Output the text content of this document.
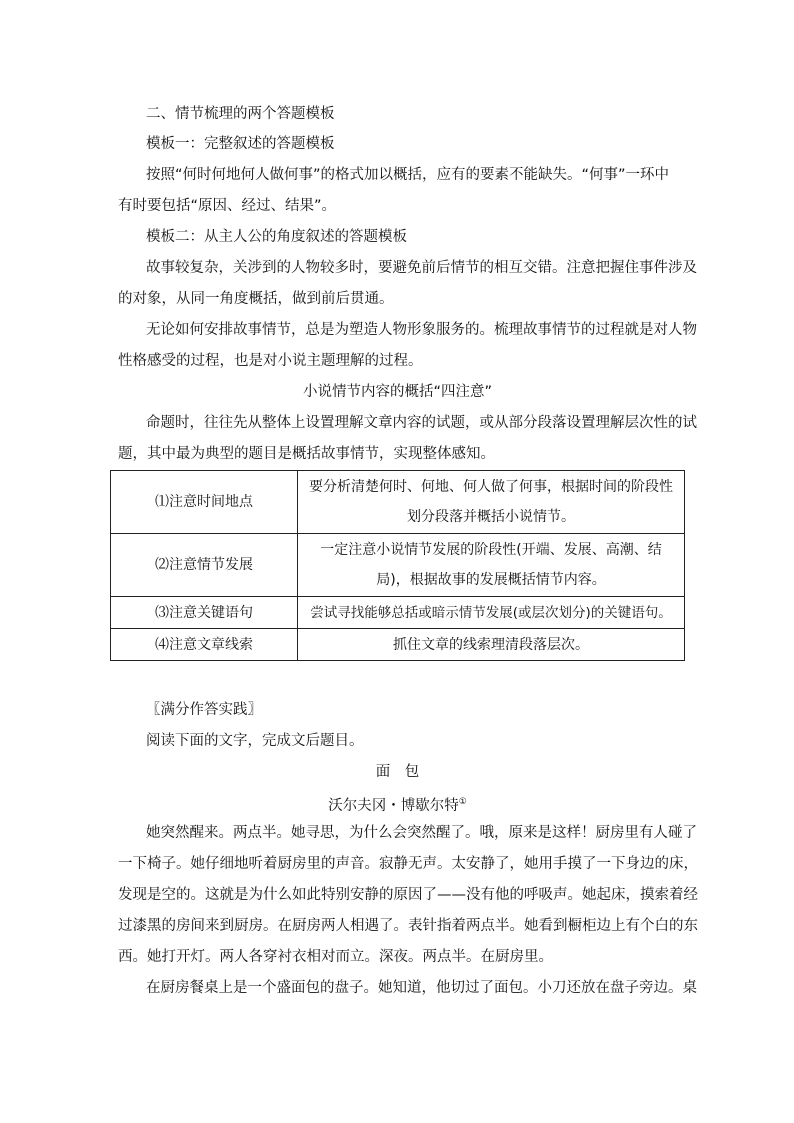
二、情节梳理的两个答题模板
模板一：完整叙述的答题模板
按照“何时何地何人做何事”的格式加以概括，应有的要素不能缺失。“何事”一环中
有时要包括“原因、经过、结果”。
模板二：从主人公的角度叙述的答题模板
故事较复杂，关涉到的人物较多时，要避免前后情节的相互交错。注意把握住事件涉及
的对象，从同一角度概括，做到前后贯通。
无论如何安排故事情节，总是为塑造人物形象服务的。梳理故事情节的过程就是对人物
性格感受的过程，也是对小说主题理解的过程。
小说情节内容的概括“四注意”
命题时，往往先从整体上设置理解文章内容的试题，或从部分段落设置理解层次性的试
题，其中最为典型的题目是概括故事情节，实现整体感知。
⑴注意时间地点	要分析清楚何时、何地、何人做了何事，根据时间的阶段性
划分段落并概括小说情节。

⑵注意情节发展	一定注意小说情节发展的阶段性(开端、发展、高潮、结
局)，根据故事的发展概括情节内容。

⑶注意关键语句	尝试寻找能够总括或暗示情节发展(或层次划分)的关键语句。
⑷注意文章线索	抓住文章的线索理清段落层次。
〖满分作答实践〗
阅读下面的文字，完成文后题目。
面　包
沃尔夫冈・博歇尔特①
她突然醒来。两点半。她寻思，为什么会突然醒了。哦，原来是这样！厨房里有人碰了
一下椅子。她仔细地听着厨房里的声音。寂静无声。太安静了，她用手摸了一下身边的床，
发现是空的。这就是为什么如此特别安静的原因了——没有他的呼吸声。她起床，摸索着经
过漆黑的房间来到厨房。在厨房两人相遇了。表针指着两点半。她看到橱柜边上有个白的东
西。她打开灯。两人各穿衬衣相对而立。深夜。两点半。在厨房里。
在厨房餐桌上是一个盛面包的盘子。她知道，他切过了面包。小刀还放在盘子旁边。桌
